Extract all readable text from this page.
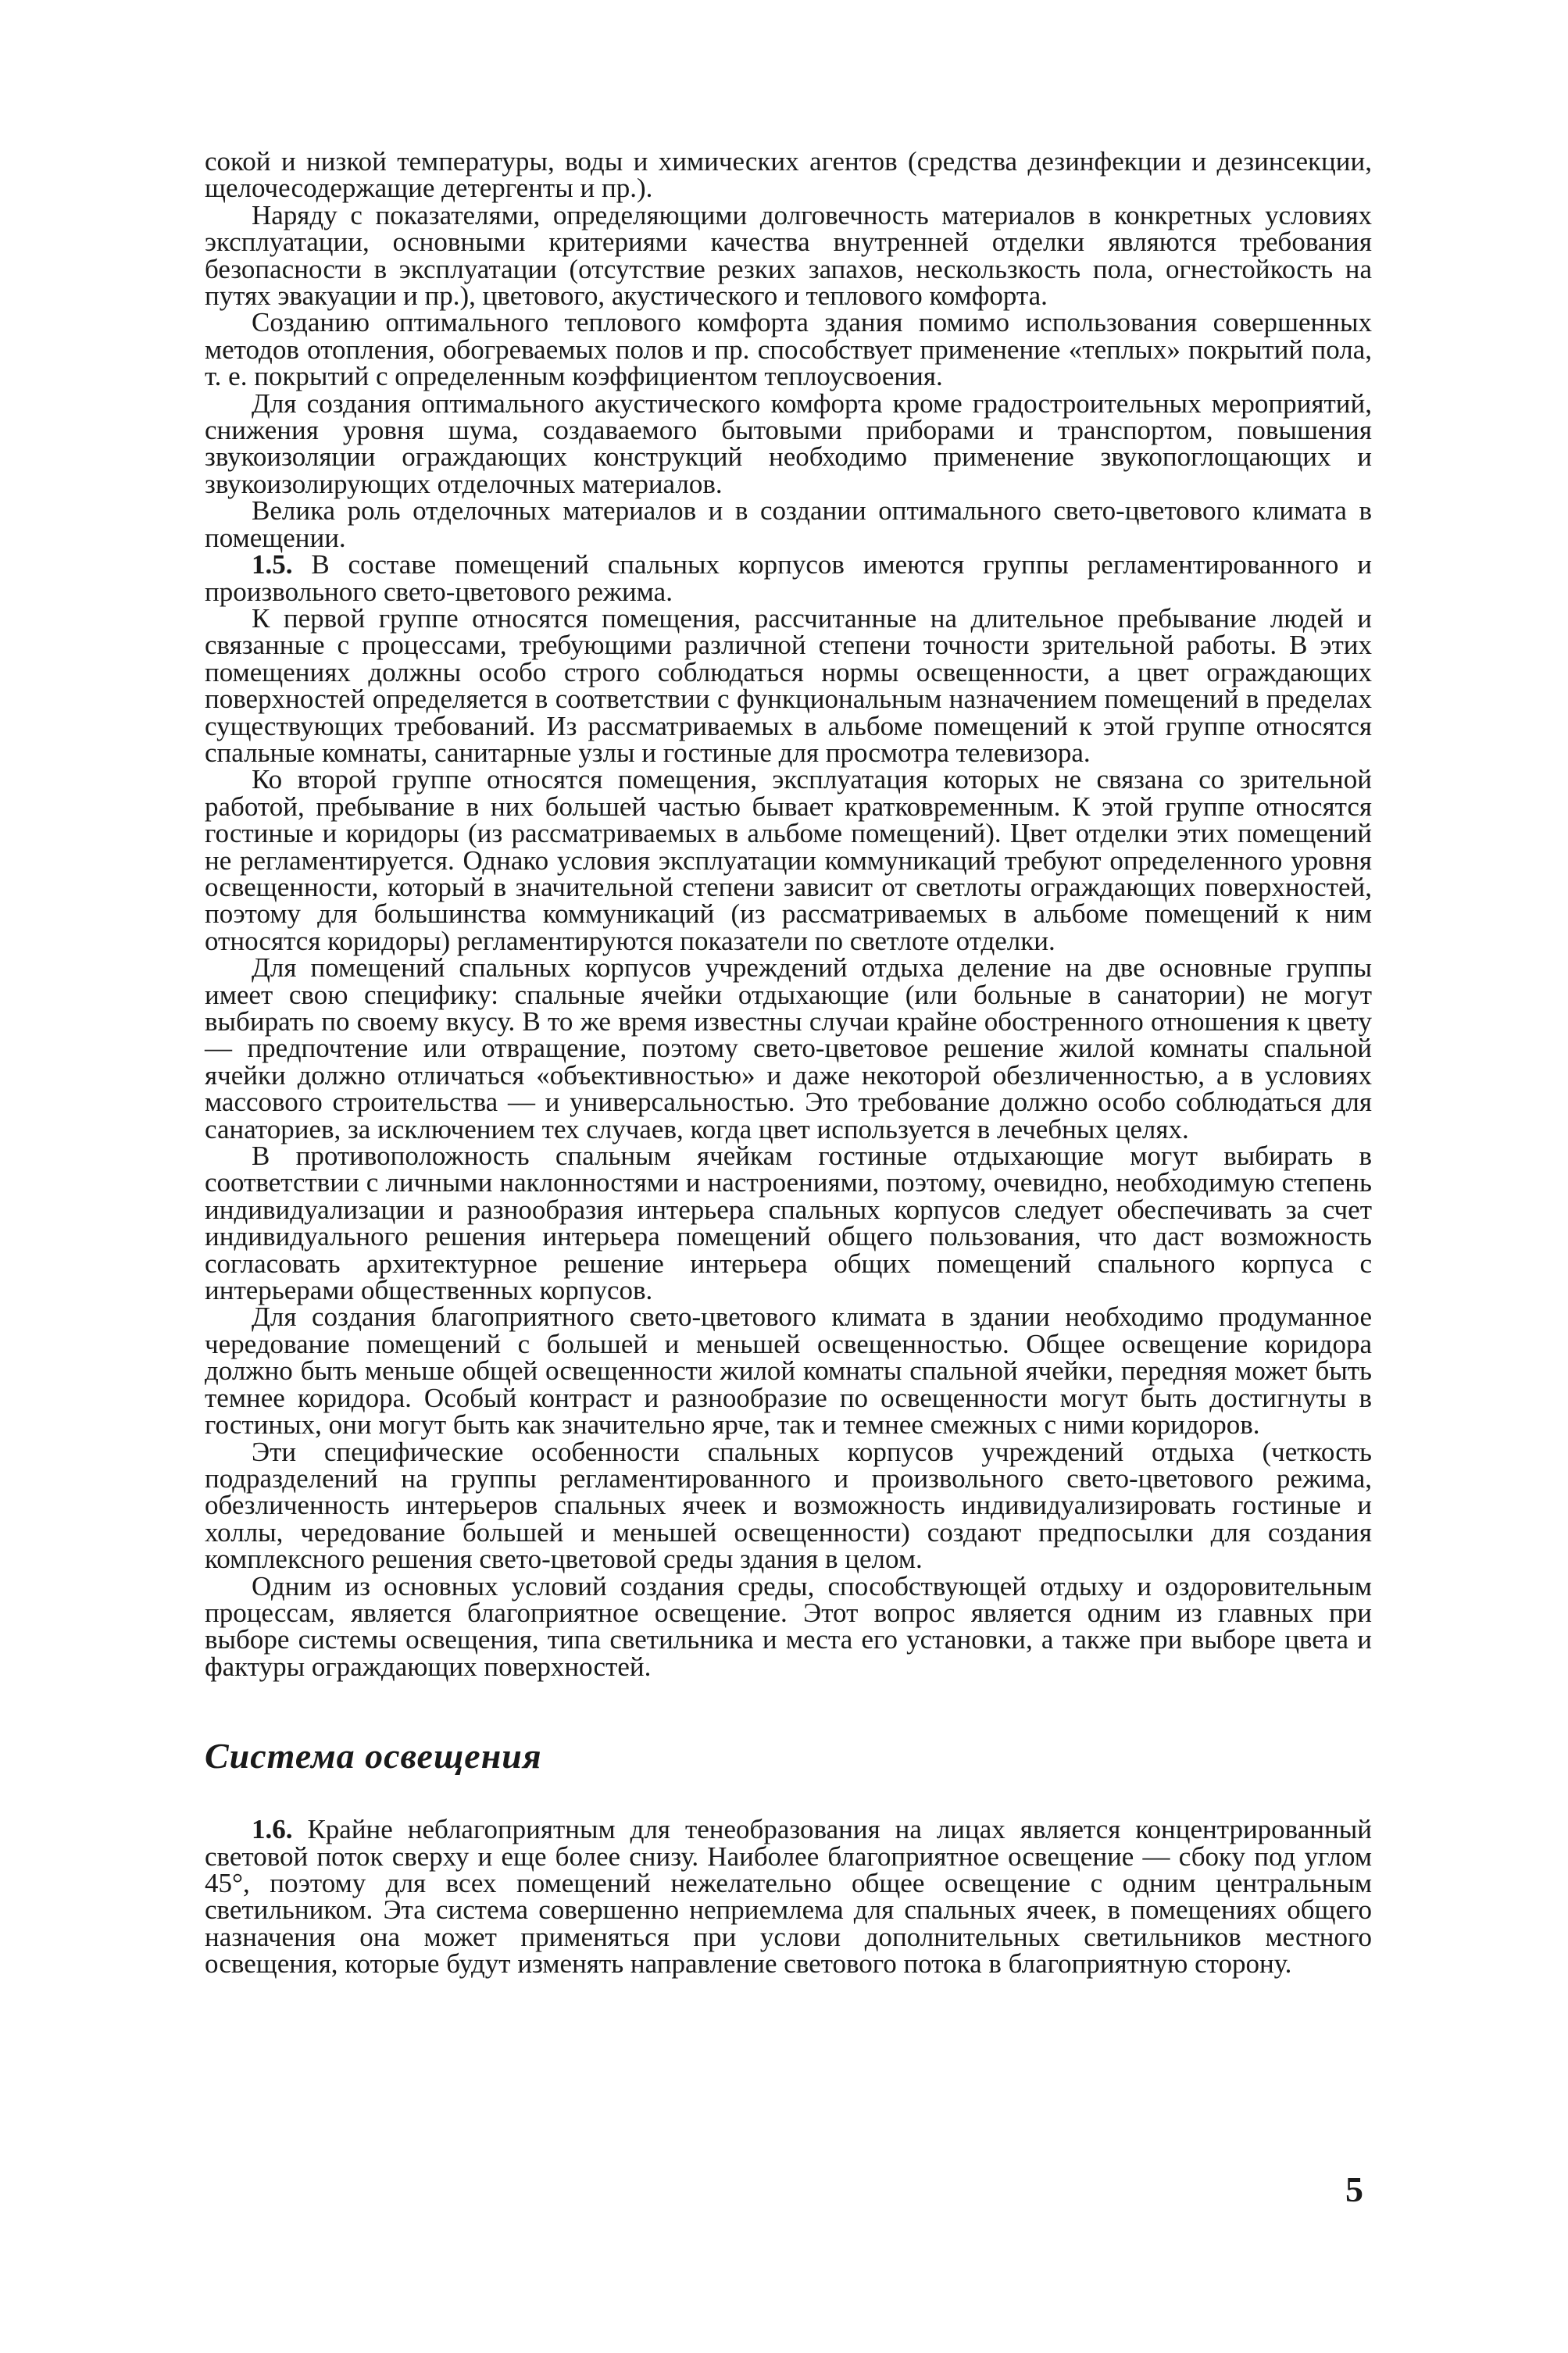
сокой и низкой температуры, воды и химических агентов (средства дезинфекции и дезинсекции, щелочесодержащие детергенты и пр.).

Наряду с показателями, определяющими долговечность материалов в конкретных условиях эксплуатации, основными критериями качества внутренней отделки являются требования безопасности в эксплуатации (отсутствие резких запахов, нескользкость пола, огнестойкость на путях эвакуации и пр.), цветового, акустического и теплового комфорта.

Созданию оптимального теплового комфорта здания помимо использования совершенных методов отопления, обогреваемых полов и пр. способствует применение «теплых» покрытий пола, т. е. покрытий с определенным коэффициентом теплоусвоения.

Для создания оптимального акустического комфорта кроме градостроительных мероприятий, снижения уровня шума, создаваемого бытовыми приборами и транспортом, повышения звукоизоляции ограждающих конструкций необходимо применение звукопоглощающих и звукоизолирующих отделочных материалов.

Велика роль отделочных материалов и в создании оптимального свето-цветового климата в помещении.

1.5. В составе помещений спальных корпусов имеются группы регламентированного и произвольного свето-цветового режима.

К первой группе относятся помещения, рассчитанные на длительное пребывание людей и связанные с процессами, требующими различной степени точности зрительной работы. В этих помещениях должны особо строго соблюдаться нормы освещенности, а цвет ограждающих поверхностей определяется в соответствии с функциональным назначением помещений в пределах существующих требований. Из рассматриваемых в альбоме помещений к этой группе относятся спальные комнаты, санитарные узлы и гостиные для просмотра телевизора.

Ко второй группе относятся помещения, эксплуатация которых не связана со зрительной работой, пребывание в них большей частью бывает кратковременным. К этой группе относятся гостиные и коридоры (из рассматриваемых в альбоме помещений). Цвет отделки этих помещений не регламентируется. Однако условия эксплуатации коммуникаций требуют определенного уровня освещенности, который в значительной степени зависит от светлоты ограждающих поверхностей, поэтому для большинства коммуникаций (из рассматриваемых в альбоме помещений к ним относятся коридоры) регламентируются показатели по светлоте отделки.

Для помещений спальных корпусов учреждений отдыха деление на две основные группы имеет свою специфику: спальные ячейки отдыхающие (или больные в санатории) не могут выбирать по своему вкусу. В то же время известны случаи крайне обостренного отношения к цвету — предпочтение или отвращение, поэтому свето-цветовое решение жилой комнаты спальной ячейки должно отличаться «объективностью» и даже некоторой обезличенностью, а в условиях массового строительства — и универсальностью. Это требование должно особо соблюдаться для санаториев, за исключением тех случаев, когда цвет используется в лечебных целях.

В противоположность спальным ячейкам гостиные отдыхающие могут выбирать в соответствии с личными наклонностями и настроениями, поэтому, очевидно, необходимую степень индивидуализации и разнообразия интерьера спальных корпусов следует обеспечивать за счет индивидуального решения интерьера помещений общего пользования, что даст возможность согласовать архитектурное решение интерьера общих помещений спального корпуса с интерьерами общественных корпусов.

Для создания благоприятного свето-цветового климата в здании необходимо продуманное чередование помещений с большей и меньшей освещенностью. Общее освещение коридора должно быть меньше общей освещенности жилой комнаты спальной ячейки, передняя может быть темнее коридора. Особый контраст и разнообразие по освещенности могут быть достигнуты в гостиных, они могут быть как значительно ярче, так и темнее смежных с ними коридоров.

Эти специфические особенности спальных корпусов учреждений отдыха (четкость подразделений на группы регламентированного и произвольного свето-цветового режима, обезличенность интерьеров спальных ячеек и возможность индивидуализировать гостиные и холлы, чередование большей и меньшей освещенности) создают предпосылки для создания комплексного решения свето-цветовой среды здания в целом.

Одним из основных условий создания среды, способствующей отдыху и оздоровительным процессам, является благоприятное освещение. Этот вопрос является одним из главных при выборе системы освещения, типа светильника и места его установки, а также при выборе цвета и фактуры ограждающих поверхностей.

Система освещения

1.6. Крайне неблагоприятным для тенеобразования на лицах является концентрированный световой поток сверху и еще более снизу. Наиболее благоприятное освещение — сбоку под углом 45°, поэтому для всех помещений нежелательно общее освещение с одним центральным светильником. Эта система совершенно неприемлема для спальных ячеек, в помещениях общего назначения она может применяться при услови дополнительных светильников местного освещения, которые будут изменять направление светового потока в благоприятную сторону.

5
